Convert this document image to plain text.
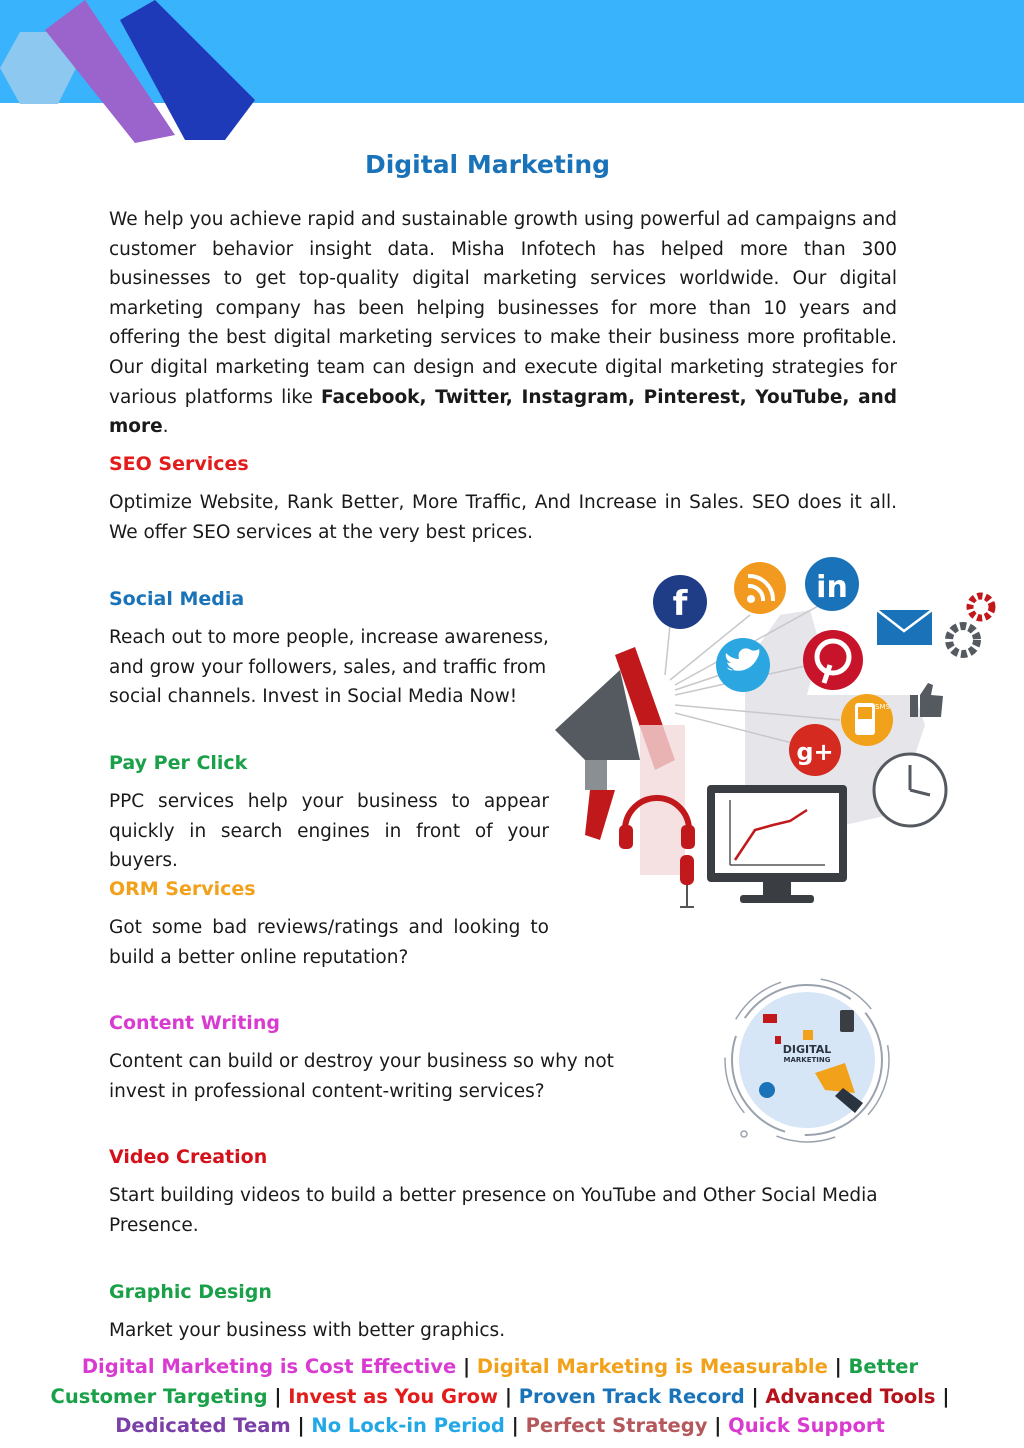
Digital Marketing
We help you achieve rapid and sustainable growth using powerful ad campaigns and customer behavior insight data. Misha Infotech has helped more than 300 businesses to get top-quality digital marketing services worldwide. Our digital marketing company has been helping businesses for more than 10 years and offering the best digital marketing services to make their business more profitable. Our digital marketing team can design and execute digital marketing strategies for various platforms like Facebook, Twitter, Instagram, Pinterest, YouTube, and more.
SEO Services

Optimize Website, Rank Better, More Traffic, And Increase in Sales. SEO does it all. We offer SEO services at the very best prices.

Social Media

Reach out to more people, increase awareness, and grow your followers, sales, and traffic from social channels. Invest in Social Media Now!

Pay Per Click

PPC services help your business to appear quickly in search engines in front of your buyers.

ORM Services

Got some bad reviews/ratings and looking to build a better online reputation?

Content Writing

Content can build or destroy your business so why not invest in professional content-writing services?

Video Creation

Start building videos to build a better presence on YouTube and Other Social Media Presence.

Graphic Design

Market your business with better graphics.

f	in
SMS
g+
DIGITAL
MARKETING
Digital Marketing is Cost Effective | Digital Marketing is Measurable | Better Customer Targeting | Invest as You Grow | Proven Track Record | Advanced Tools | Dedicated Team | No Lock-in Period | Perfect Strategy | Quick Support
